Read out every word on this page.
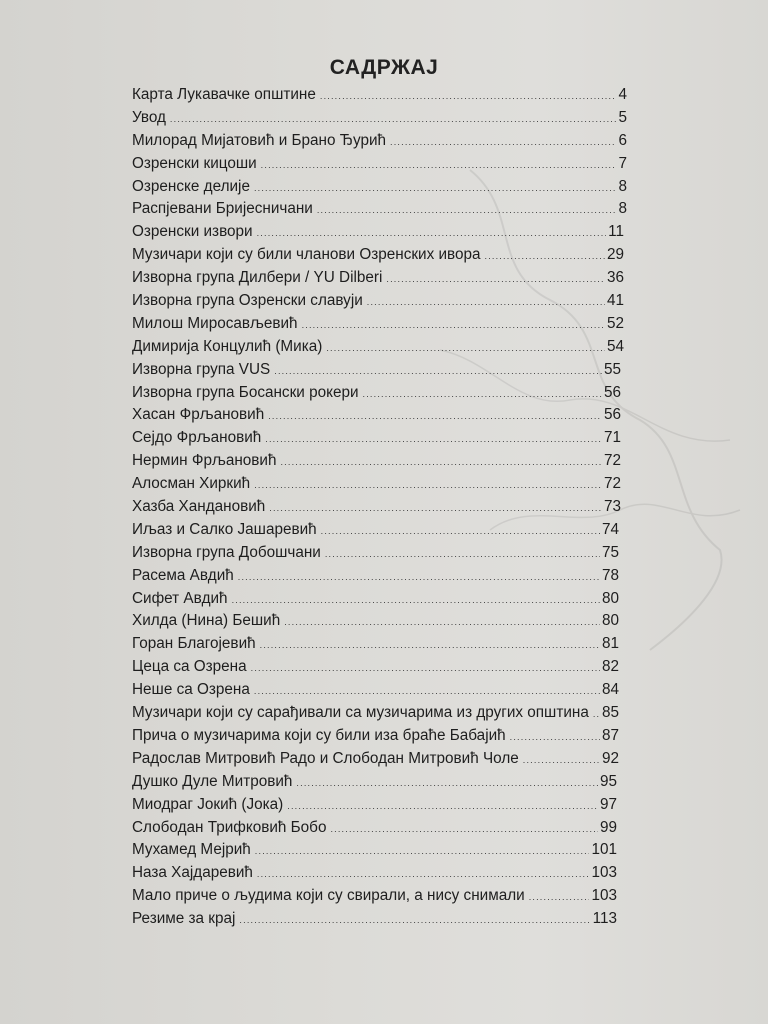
САДРЖАЈ
Карта Лукавачке општине .....	4
Увод .....	5
Милорад Мијатовић и Брано Ђурић .....	6
Озренски кицоши .....	7
Озренске делије .....	8
Распјевани Бриjесничани .....	8
Озренски извори .....	11
Музичари који су били чланови Озренских ивора .....	29
Изворна група Дилбери / YU Dilberi .....	36
Изворна група Озренски славуји .....	41
Милош Миросављевић .....	52
Димирија Концулић (Мика) .....	54
Изворна група VUS .....	55
Изворна група Босански рокери .....	56
Хасан Фрљановић .....	56
Сејдо Фрљановић .....	71
Нермин Фрљановић .....	72
Алосман Хиркић .....	72
Хазба Хандановић .....	73
Иљаз и Салко Јашаревић .....	74
Изворна група Добошчани .....	75
Расема Авдић .....	78
Сифет Авдић .....	80
Хилда (Нина) Бешић .....	80
Горан Благојевић .....	81
Цеца са Озрена .....	82
Неше са Озрена .....	84
Музичари који су сарађивали са музичарима из других општина ..... 85
Прича о музичарима који су били иза браће Бабајић .....	87
Радослав Митровић Радо и Слободан Митровић Чоле .....	92
Душко Дуле Митровић .....	95
Миодраг Јокић (Јока) .....	97
Слободан Трифковић Бобо .....	99
Мухамед Мејрић .....	101
Наза Хајдаревић .....	103
Мало приче о људима који су свирали, а нису снимали .....	103
Резиме за крај .....	113
